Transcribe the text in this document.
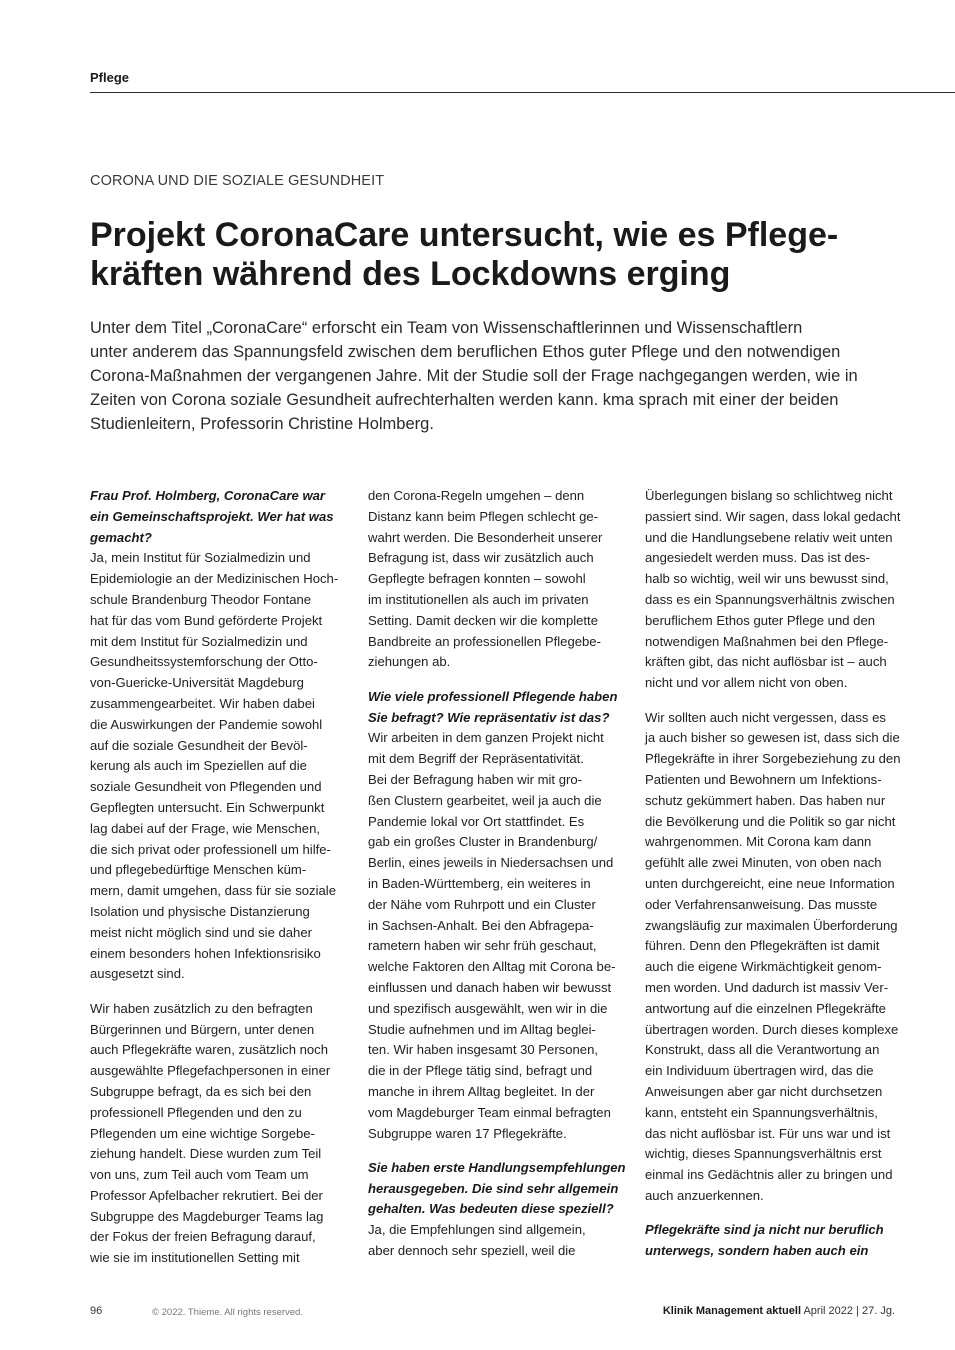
Pflege
CORONA UND DIE SOZIALE GESUNDHEIT
Projekt CoronaCare untersucht, wie es Pflege-
kräften während des Lockdowns erging
Unter dem Titel „CoronaCare“ erforscht ein Team von Wissenschaftlerinnen und Wissenschaftlern
unter anderem das Spannungsfeld zwischen dem beruflichen Ethos guter Pflege und den notwendigen
Corona-Maßnahmen der vergangenen Jahre. Mit der Studie soll der Frage nachgegangen werden, wie in
Zeiten von Corona soziale Gesundheit aufrechterhalten werden kann. kma sprach mit einer der beiden
Studienleitern, Professorin Christine Holmberg.
Frau Prof. Holmberg, CoronaCare war
ein Gemeinschaftsprojekt. Wer hat was
gemacht?
Ja, mein Institut für Sozialmedizin und
Epidemiologie an der Medizinischen Hoch-
schule Brandenburg Theodor Fontane
hat für das vom Bund geförderte Projekt
mit dem Institut für Sozialmedizin und
Gesundheitssystemforschung der Otto-
von-Guericke-Universität Magdeburg
zusammengearbeitet. Wir haben dabei
die Auswirkungen der Pandemie sowohl
auf die soziale Gesundheit der Bevöl-
kerung als auch im Speziellen auf die
soziale Gesundheit von Pflegenden und
Gepflegten untersucht. Ein Schwerpunkt
lag dabei auf der Frage, wie Menschen,
die sich privat oder professionell um hilfe-
und pflegebedürftige Menschen küm-
mern, damit umgehen, dass für sie soziale
Isolation und physische Distanzierung
meist nicht möglich sind und sie daher
einem besonders hohen Infektionsrisiko
ausgesetzt sind.
Wir haben zusätzlich zu den befragten
Bürgerinnen und Bürgern, unter denen
auch Pflegekräfte waren, zusätzlich noch
ausgewählte Pflegefachpersonen in einer
Subgruppe befragt, da es sich bei den
professionell Pflegenden und den zu
Pflegenden um eine wichtige Sorgebe-
ziehung handelt. Diese wurden zum Teil
von uns, zum Teil auch vom Team um
Professor Apfelbacher rekrutiert. Bei der
Subgruppe des Magdeburger Teams lag
der Fokus der freien Befragung darauf,
wie sie im institutionellen Setting mit
den Corona-Regeln umgehen – denn
Distanz kann beim Pflegen schlecht ge-
wahrt werden. Die Besonderheit unserer
Befragung ist, dass wir zusätzlich auch
Gepflegte befragen konnten – sowohl
im institutionellen als auch im privaten
Setting. Damit decken wir die komplette
Bandbreite an professionellen Pflegebe-
ziehungen ab.
Wie viele professionell Pflegende haben
Sie befragt? Wie repräsentativ ist das?
Wir arbeiten in dem ganzen Projekt nicht
mit dem Begriff der Repräsentativität.
Bei der Befragung haben wir mit gro-
ßen Clustern gearbeitet, weil ja auch die
Pandemie lokal vor Ort stattfindet. Es
gab ein großes Cluster in Brandenburg/
Berlin, eines jeweils in Niedersachsen und
in Baden-Württemberg, ein weiteres in
der Nähe vom Ruhrpott und ein Cluster
in Sachsen-Anhalt. Bei den Abfragepa-
rametern haben wir sehr früh geschaut,
welche Faktoren den Alltag mit Corona be-
einflussen und danach haben wir bewusst
und spezifisch ausgewählt, wen wir in die
Studie aufnehmen und im Alltag beglei-
ten. Wir haben insgesamt 30 Personen,
die in der Pflege tätig sind, befragt und
manche in ihrem Alltag begleitet. In der
vom Magdeburger Team einmal befragten
Subgruppe waren 17 Pflegekräfte.
Sie haben erste Handlungsempfehlungen
herausgegeben. Die sind sehr allgemein
gehalten. Was bedeuten diese speziell?
Ja, die Empfehlungen sind allgemein,
aber dennoch sehr speziell, weil die
Überlegungen bislang so schlichtweg nicht
passiert sind. Wir sagen, dass lokal gedacht
und die Handlungsebene relativ weit unten
angesiedelt werden muss. Das ist des-
halb so wichtig, weil wir uns bewusst sind,
dass es ein Spannungsverhältnis zwischen
beruflichem Ethos guter Pflege und den
notwendigen Maßnahmen bei den Pflege-
kräften gibt, das nicht auflösbar ist – auch
nicht und vor allem nicht von oben.
Wir sollten auch nicht vergessen, dass es
ja auch bisher so gewesen ist, dass sich die
Pflegekräfte in ihrer Sorgebeziehung zu den
Patienten und Bewohnern um Infektions-
schutz gekümmert haben. Das haben nur
die Bevölkerung und die Politik so gar nicht
wahrgenommen. Mit Corona kam dann
gefühlt alle zwei Minuten, von oben nach
unten durchgereicht, eine neue Information
oder Verfahrensanweisung. Das musste
zwangsläufig zur maximalen Überforderung
führen. Denn den Pflegekräften ist damit
auch die eigene Wirkmächtigkeit genom-
men worden. Und dadurch ist massiv Ver-
antwortung auf die einzelnen Pflegekräfte
übertragen worden. Durch dieses komplexe
Konstrukt, dass all die Verantwortung an
ein Individuum übertragen wird, das die
Anweisungen aber gar nicht durchsetzen
kann, entsteht ein Spannungsverhältnis,
das nicht auflösbar ist. Für uns war und ist
wichtig, dieses Spannungsverhältnis erst
einmal ins Gedächtnis aller zu bringen und
auch anzuerkennen.
Pflegekräfte sind ja nicht nur beruflich
unterwegs, sondern haben auch ein
96	© 2022. Thieme. All rights reserved.	Klinik Management aktuell April 2022 | 27. Jg.
